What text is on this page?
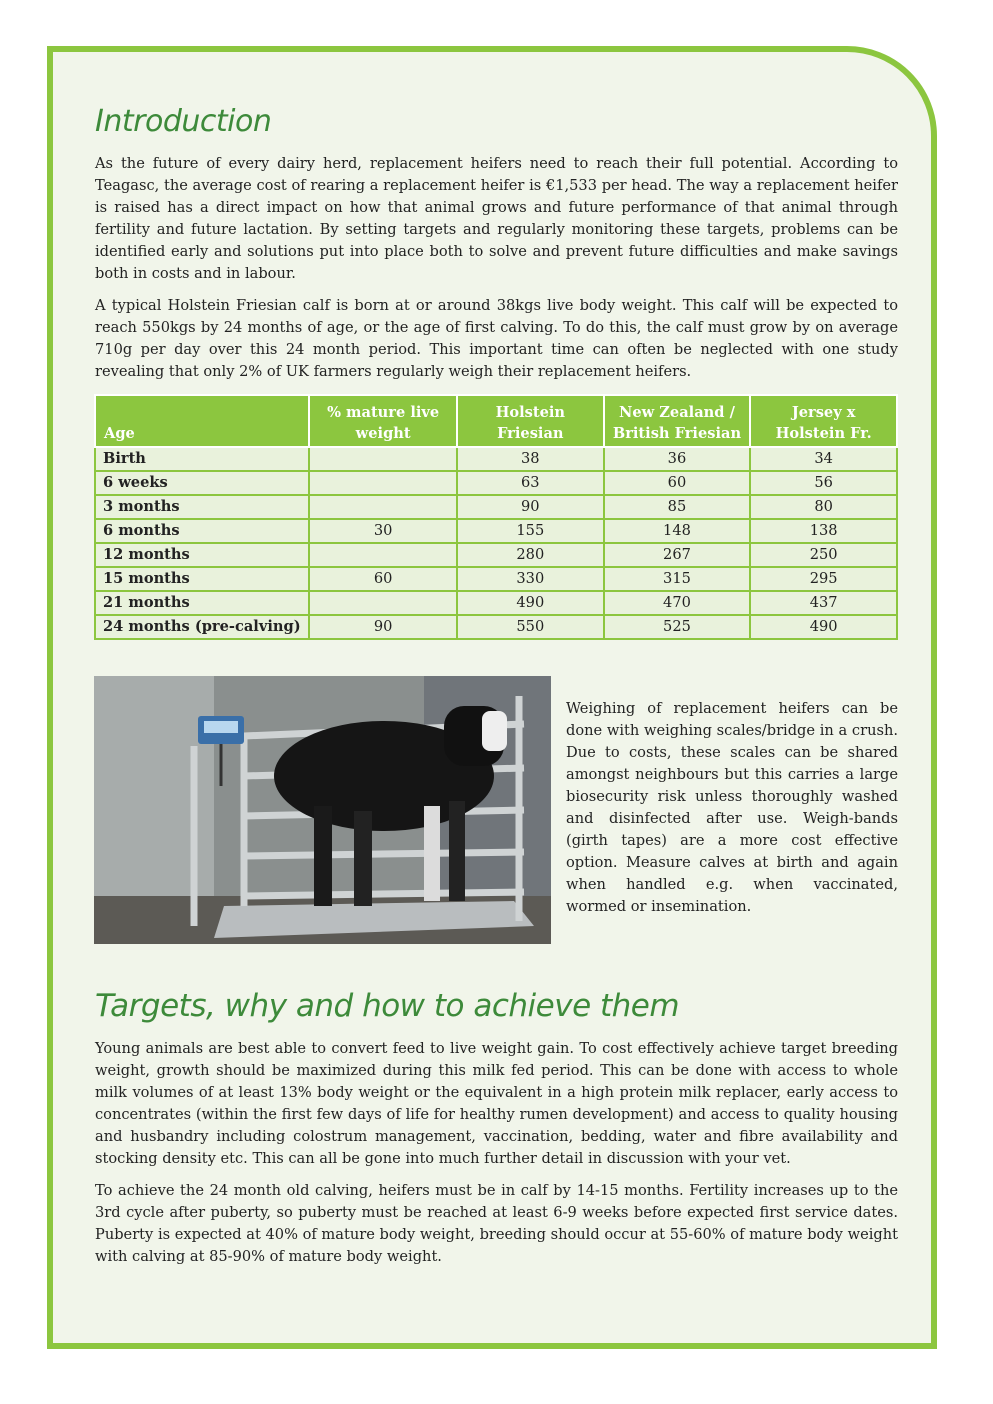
Introduction

As the future of every dairy herd, replacement heifers need to reach their full potential. According to Teagasc, the average cost of rearing a replacement heifer is €1,533 per head. The way a replacement heifer is raised has a direct impact on how that animal grows and future performance of that animal through fertility and future lactation. By setting targets and regularly monitoring these targets, problems can be identified early and solutions put into place both to solve and prevent future difficulties and make savings both in costs and in labour.

A typical Holstein Friesian calf is born at or around 38kgs live body weight. This calf will be expected to reach 550kgs by 24 months of age, or the age of first calving. To do this, the calf must grow by on average 710g per day over this 24 month period. This important time can often be neglected with one study revealing that only 2% of UK farmers regularly weigh their replacement heifers.

Age	% mature live weight	Holstein Friesian	New Zealand / British Friesian	Jersey x Holstein Fr.
Birth		38	36	34
6 weeks		63	60	56
3 months		90	85	80
6 months	30	155	148	138
12 months		280	267	250
15 months	60	330	315	295
21 months		490	470	437
24 months (pre-calving)	90	550	525	490

Weighing of replacement heifers can be done with weighing scales/bridge in a crush. Due to costs, these scales can be shared amongst neighbours but this carries a large biosecurity risk unless thoroughly washed and disinfected after use. Weigh-bands (girth tapes) are a more cost effective option. Measure calves at birth and again when handled e.g. when vaccinated, wormed or insemination.

Targets, why and how to achieve them

Young animals are best able to convert feed to live weight gain. To cost effectively achieve target breeding weight, growth should be maximized during this milk fed period. This can be done with access to whole milk volumes of at least 13% body weight or the equivalent in a high protein milk replacer, early access to concentrates (within the first few days of life for healthy rumen development) and access to quality housing and husbandry including colostrum management, vaccination, bedding, water and fibre availability and stocking density etc. This can all be gone into much further detail in discussion with your vet.

To achieve the 24 month old calving, heifers must be in calf by 14-15 months. Fertility increases up to the 3rd cycle after puberty, so puberty must be reached at least 6-9 weeks before expected first service dates. Puberty is expected at 40% of mature body weight, breeding should occur at 55-60% of mature body weight with calving at 85-90% of mature body weight.
